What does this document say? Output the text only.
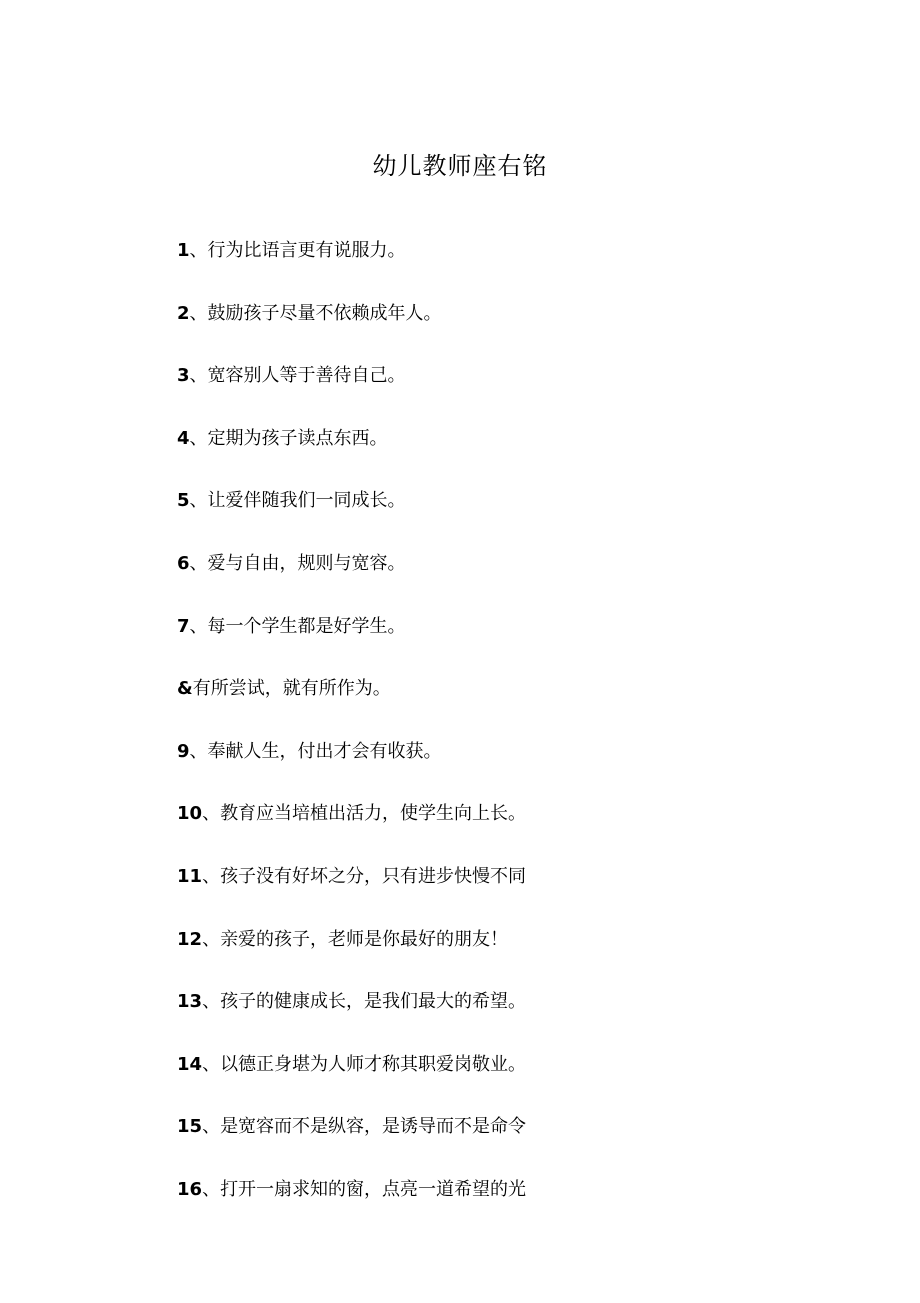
幼儿教师座右铭
1、行为比语言更有说服力。
2、鼓励孩子尽量不依赖成年人。
3、宽容别人等于善待自己。
4、定期为孩子读点东西。
5、让爱伴随我们一同成长。
6、爱与自由，规则与宽容。
7、每一个学生都是好学生。
&有所尝试，就有所作为。
9、奉献人生，付出才会有收获。
10、教育应当培植出活力，使学生向上长。
11、孩子没有好坏之分，只有进步快慢不同
12、亲爱的孩子，老师是你最好的朋友！
13、孩子的健康成长，是我们最大的希望。
14、以德正身堪为人师才称其职爱岗敬业。
15、是宽容而不是纵容，是诱导而不是命令
16、打开一扇求知的窗，点亮一道希望的光
